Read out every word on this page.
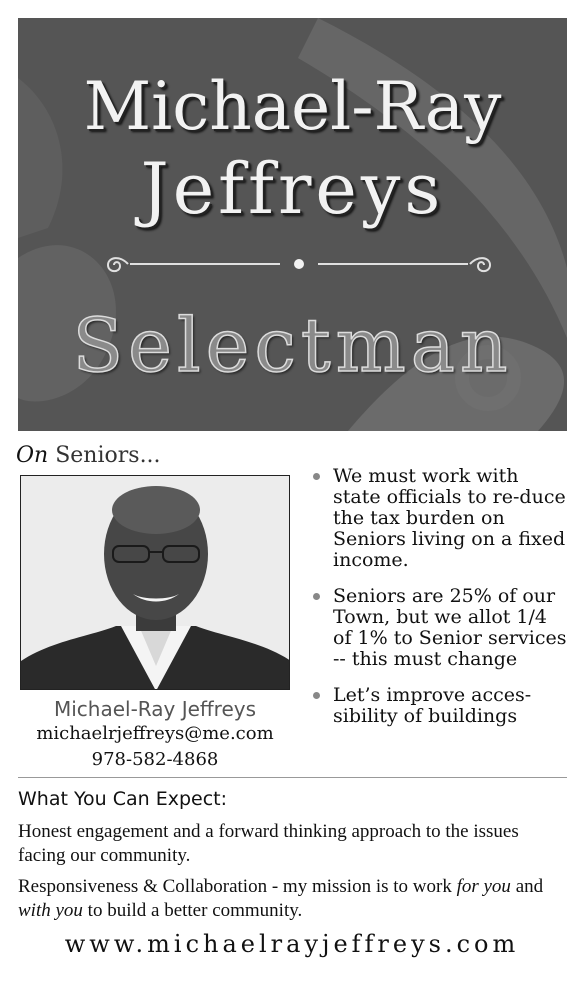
Michael-Ray
Jeffreys
Selectman
On Seniors...
Michael-Ray Jeffreys
michaelrjeffreys@me.com
978-582-4868
We must work with state officials to re-duce the tax burden on Seniors living on a fixed income.
Seniors are 25% of our Town, but we allot 1/4 of 1% to Senior services -- this must change
Let’s improve acces-sibility of buildings
What You Can Expect:
Honest engagement and a forward thinking approach to the issues facing our community.
Responsiveness & Collaboration - my mission is to work for you and with you to build a better community.
www.michaelrayjeffreys.com
